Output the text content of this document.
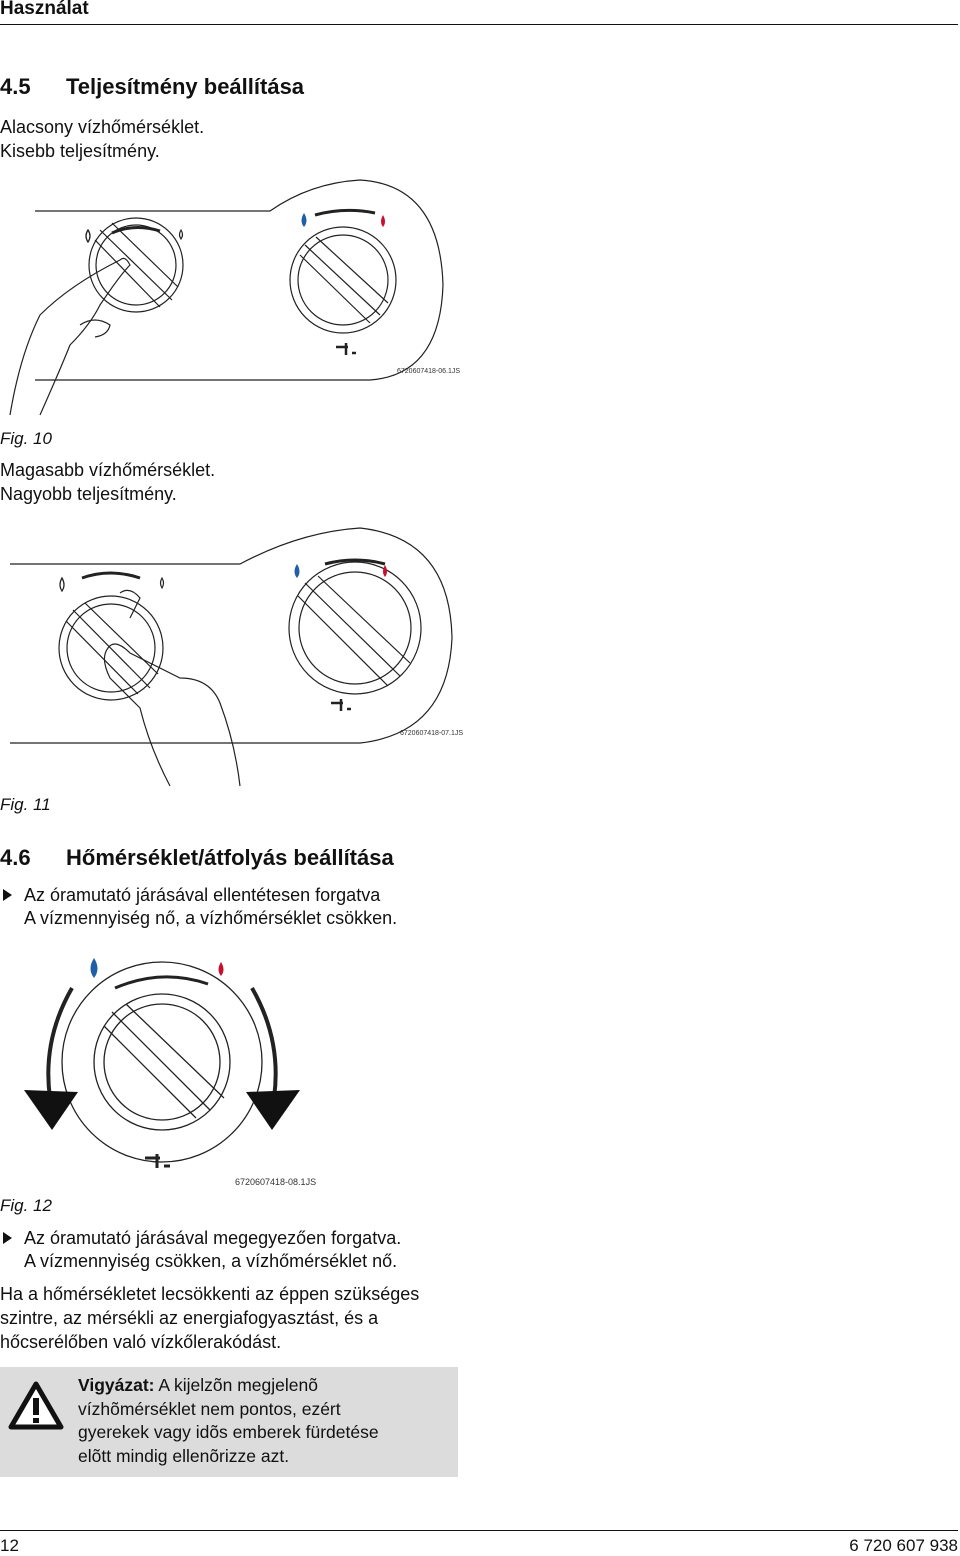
Használat
4.5 Teljesítmény beállítása
Alacsony vízhőmérséklet.
Kisebb teljesítmény.
6720607418-06.1JS
Fig. 10
Magasabb vízhőmérséklet.
Nagyobb teljesítmény.
6720607418-07.1JS
Fig. 11
4.6 Hőmérséklet/átfolyás beállítása
Az óramutató járásával ellentétesen forgatva
A vízmennyiség nő, a vízhőmérséklet csökken.
6720607418-08.1JS
Fig. 12
Az óramutató járásával megegyezően forgatva.
A vízmennyiség csökken, a vízhőmérséklet nő.
Ha a hőmérsékletet lecsökkenti az éppen szükséges
szintre, az mérsékli az energiafogyasztást, és a
hőcserélőben való vízkőlerakódást.
Vigyázat: A kijelzõn megjelenõ
vízhõmérséklet nem pontos, ezért
gyerekek vagy idõs emberek fürdetése
elõtt mindig ellenõrizze azt.
12	6 720 607 938
